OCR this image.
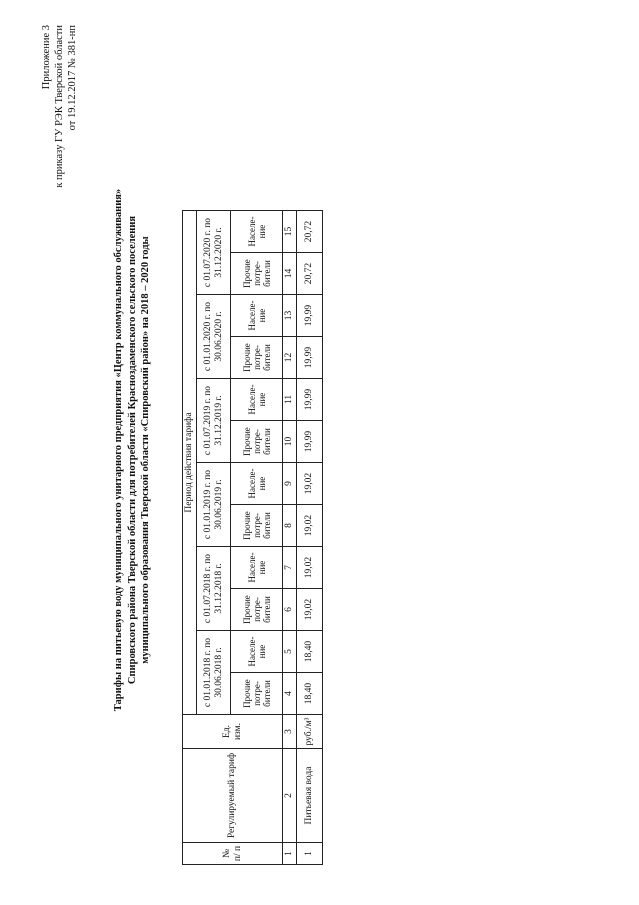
Приложение 3 к приказу ГУ РЭК Тверской области от 19.12.2017 № 381-нп
Тарифы на питьевую воду муниципального унитарного предприятия «Центр коммунального обслуживания» Спировского района Тверской области для потребителей Красноздаменского сельского поселения муниципального образования Тверской области «Спировский район» на 2018 – 2020 годы
№ п/ п	Регулируемый тариф	Ед. изм.	Период действия тарифа											
			с 01.01.2018 г. по 30.06.2018 г.		с 01.07.2018 г. по 31.12.2018 г.		с 01.01.2019 г. по 30.06.2019 г.		с 01.07.2019 г. по 31.12.2019 г.		с 01.01.2020 г. по 30.06.2020 г.		с 01.07.2020 г. по 31.12.2020 г.	
			Прочие потре- бители	Населе- ние	Прочие потре- бители	Населе- ние	Прочие потре- бители	Населе- ние	Прочие потре- бители	Населе- ние	Прочие потре- бители	Населе- ние	Прочие потре- бители	Населе- ние
1	2	3	4	5	6	7	8	9	10	11	12	13	14	15
1	Питьевая вода	руб./м³	18,40	18,40	19,02	19,02	19,02	19,02	19,99	19,99	19,99	19,99	20,72	20,72
